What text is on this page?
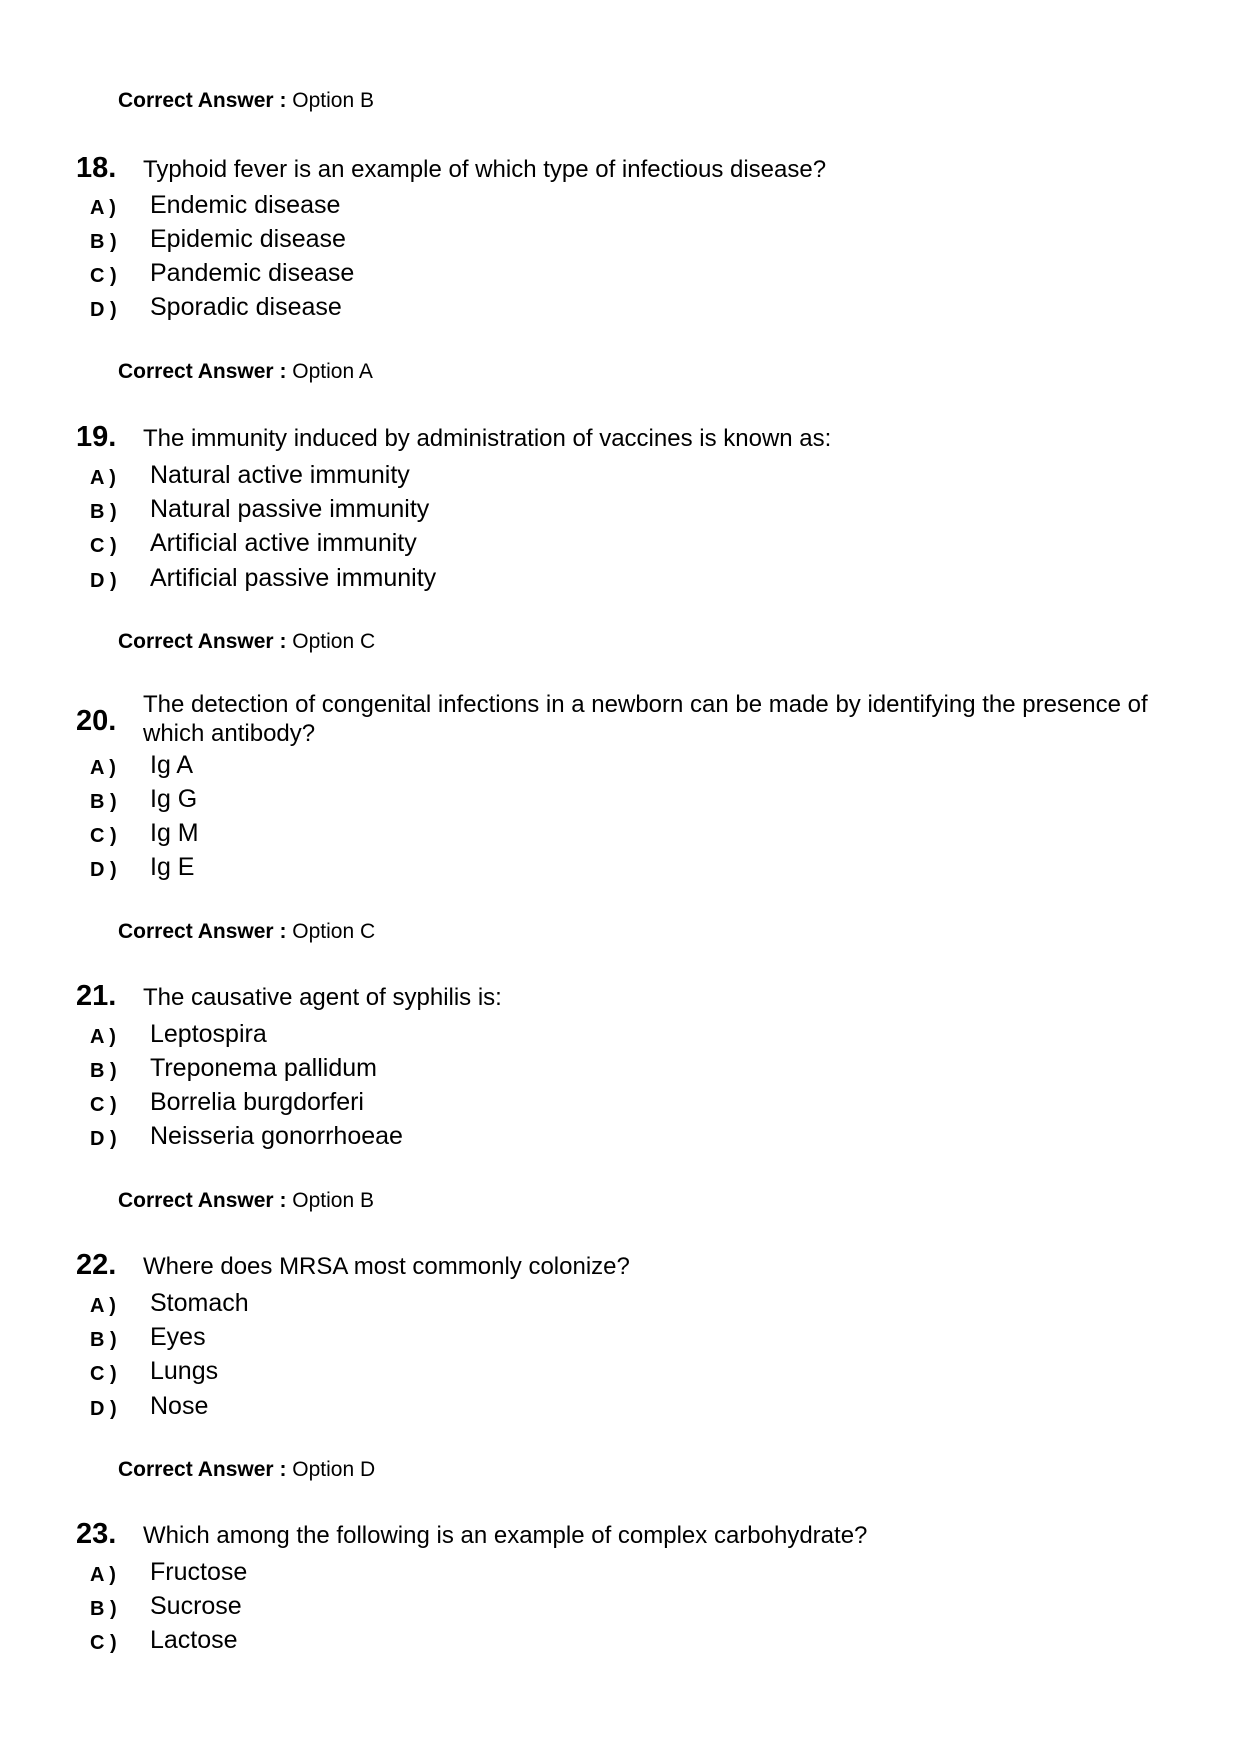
Correct Answer : Option B
18. Typhoid fever is an example of which type of infectious disease?
A ) Endemic disease
B ) Epidemic disease
C ) Pandemic disease
D ) Sporadic disease
Correct Answer : Option A
19. The immunity induced by administration of vaccines is known as:
A ) Natural active immunity
B ) Natural passive immunity
C ) Artificial active immunity
D ) Artificial passive immunity
Correct Answer : Option C
20.
The detection of congenital infections in a newborn can be made by identifying the presence of which antibody?
A ) Ig A
B ) Ig G
C ) Ig M
D ) Ig E
Correct Answer : Option C
21. The causative agent of syphilis is:
A ) Leptospira
B ) Treponema pallidum
C ) Borrelia burgdorferi
D ) Neisseria gonorrhoeae
Correct Answer : Option B
22. Where does MRSA most commonly colonize?
A ) Stomach
B ) Eyes
C ) Lungs
D ) Nose
Correct Answer : Option D
23. Which among the following is an example of complex carbohydrate?
A ) Fructose
B ) Sucrose
C ) Lactose
